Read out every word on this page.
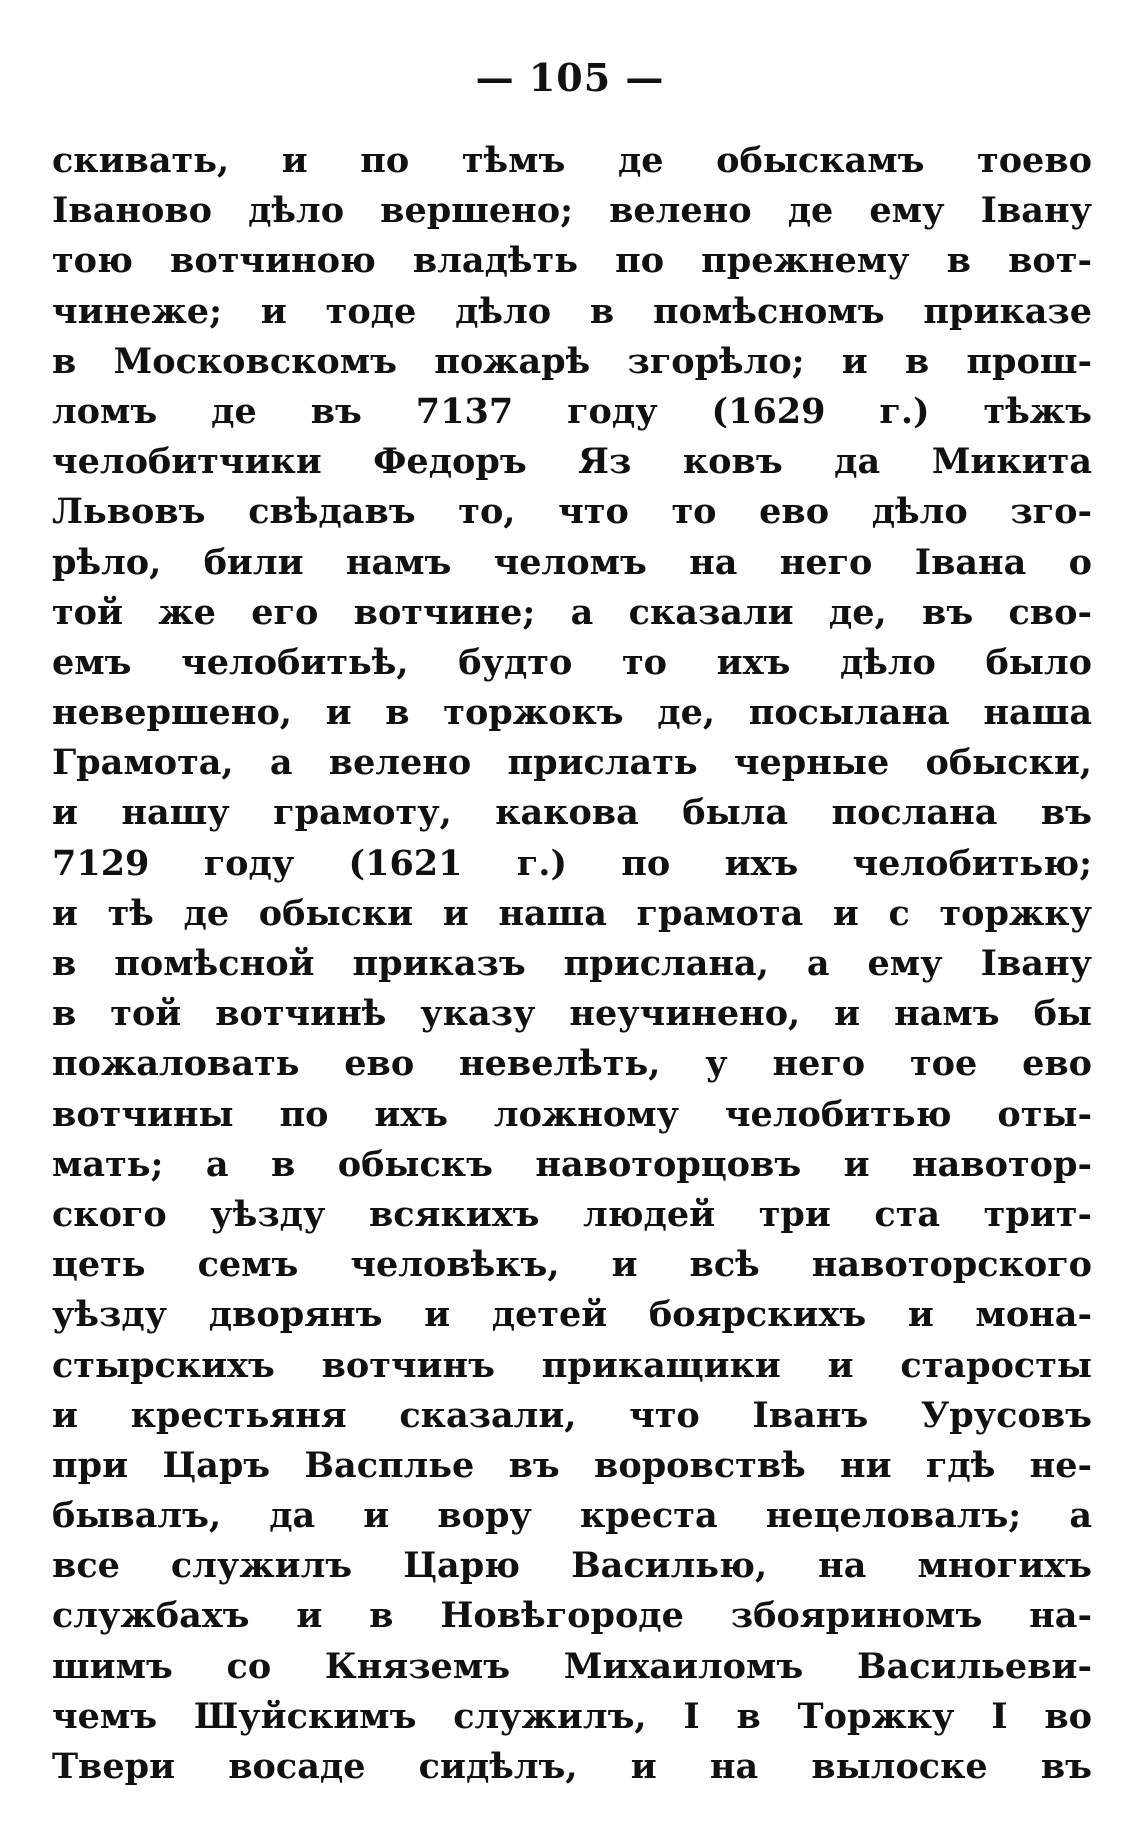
— 105 —
скивать, и по тѣмъ де обыскамъ тоево
Іваново дѣло вершено; велено де ему Івану
тою вотчиною владѣть по прежнему в вот-
чинеже; и тоде дѣло в помѣсномъ приказе
в Московскомъ пожарѣ згорѣло; и в прош-
ломъ де въ 7137 году (1629 г.) тѣжъ
челобитчики Федоръ Яз ковъ да Микита
Львовъ свѣдавъ то, что то ево дѣло зго-
рѣло, били намъ челомъ на него Івана о
той же его вотчине; а сказали де, въ сво-
емъ челобитьѣ, будто то ихъ дѣло было
невершено, и в торжокъ де, посылана наша
Грамота, а велено прислать черные обыски,
и нашу грамоту, какова была послана въ
7129 году (1621 г.) по ихъ челобитью;
и тѣ де обыски и наша грамота и с торжку
в помѣсной приказъ прислана, а ему Івану
в той вотчинѣ указу неучинено, и намъ бы
пожаловать ево невелѣть, у него тое ево
вотчины по ихъ ложному челобитью оты-
мать; а в обыскъ навоторцовъ и навотор-
ского уѣзду всякихъ людей три ста трит-
цеть семъ человѣкъ, и всѣ навоторского
уѣзду дворянъ и детей боярскихъ и мона-
стырскихъ вотчинъ прикащики и старосты
и крестьяня сказали, что Іванъ Урусовъ
при Царъ Васпльe въ воровствѣ ни гдѣ не-
бывалъ, да и вору креста нецеловалъ; а
все служилъ Царю Василью, на многихъ
службахъ и в Новѣгороде збояриномъ на-
шимъ со Княземъ Михаиломъ Васильеви-
чемъ Шуйскимъ служилъ, І в Торжку І во
Твери восаде сидѣлъ, и на вылоске въ
